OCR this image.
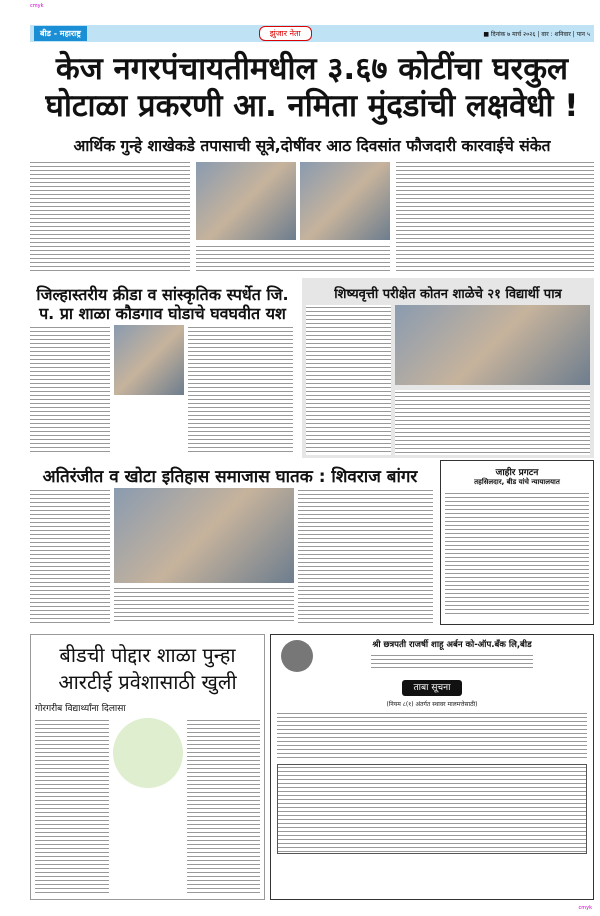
cmyk
बीड - महाराष्ट्र	झुंजार नेता	■ दिनांक ७ मार्च २०२६ | वार : शनिवार | पान ५
केज नगरपंचायतीमधील ३.६७ कोटींचा घरकुल
घोटाळा प्रकरणी आ. नमिता मुंदडांची लक्षवेधी !
आर्थिक गुन्हे शाखेकडे तपासाची सूत्रे,दोषींवर आठ दिवसांत फौजदारी कारवाईचे संकेत
जिल्हास्तरीय क्रीडा व सांस्कृतिक स्पर्धेत जि.
प. प्रा शाळा कौडगाव घोडाचे घवघवीत यश
शिष्यवृत्ती परीक्षेत कोतन शाळेचे २१ विद्यार्थी पात्र
अतिरंजीत व खोटा इतिहास समाजास घातक : शिवराज बांगर	जाहीर प्रगटन
तहसिलदार, बीड यांचे न्यायालयात
बीडची पोद्दार शाळा पुन्हा
आरटीई प्रवेशासाठी खुली
गोरगरीब विद्यार्थ्यांना दिलासा
श्री छत्रपती राजर्षी शाहू अर्बन को-ऑप.बँक लि,बीड
ताबा सूचना
(नियम ८(१) अंतर्गत स्थावर मालमत्तेसाठी)
cmyk
